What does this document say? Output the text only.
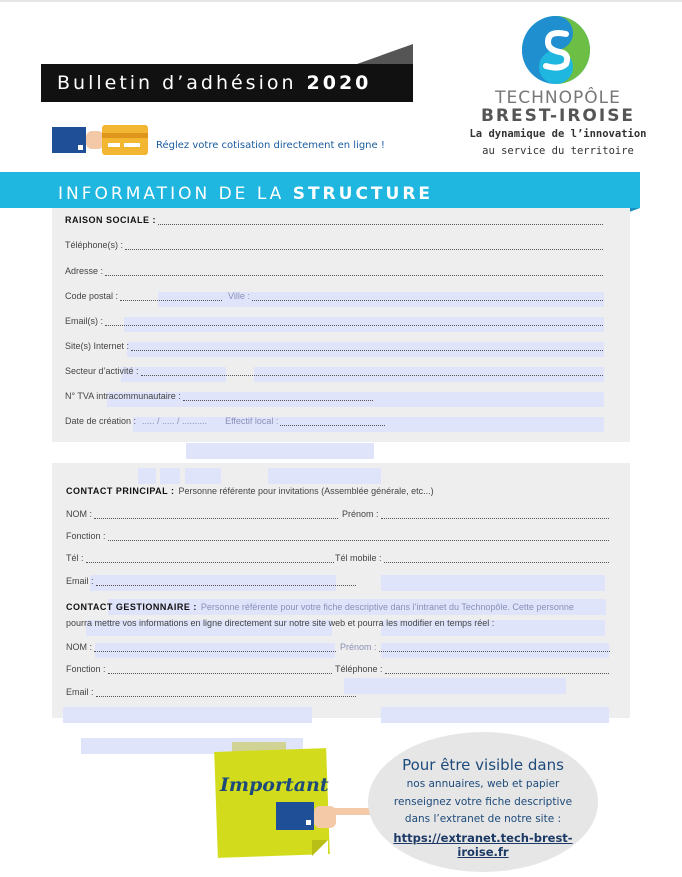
Bulletin d’adhésion 2020
TECHNOPÔLE
BREST-IROISE
La dynamique de l’innovation
au service du territoire
Réglez votre cotisation directement en ligne !
INFORMATION DE LA STRUCTURE
RAISON SOCIALE :
Téléphone(s) :
Adresse :
Code postal :	Ville :
Email(s) :
Site(s) Internet :
Secteur d’activité :
N° TVA intracommunautaire :
Date de création : ..... / ..... / .......... Effectif local :
CONTACT PRINCIPAL : Personne référente pour invitations (Assemblée générale, etc...)
NOM :	Prénom :
Fonction :
Tél :	Tél mobile :
Email :
CONTACT GESTIONNAIRE : Personne référente pour votre fiche descriptive dans l’intranet du Technopôle. Cette personne
pourra mettre vos informations en ligne directement sur notre site web et pourra les modifier en temps réel :
NOM :	Prénom :
Fonction :	Téléphone :
Email :
Important
Pour être visible dans
nos annuaires, web et papier
renseignez votre fiche descriptive
dans l’extranet de notre site :
https://extranet.tech-brest-iroise.fr
